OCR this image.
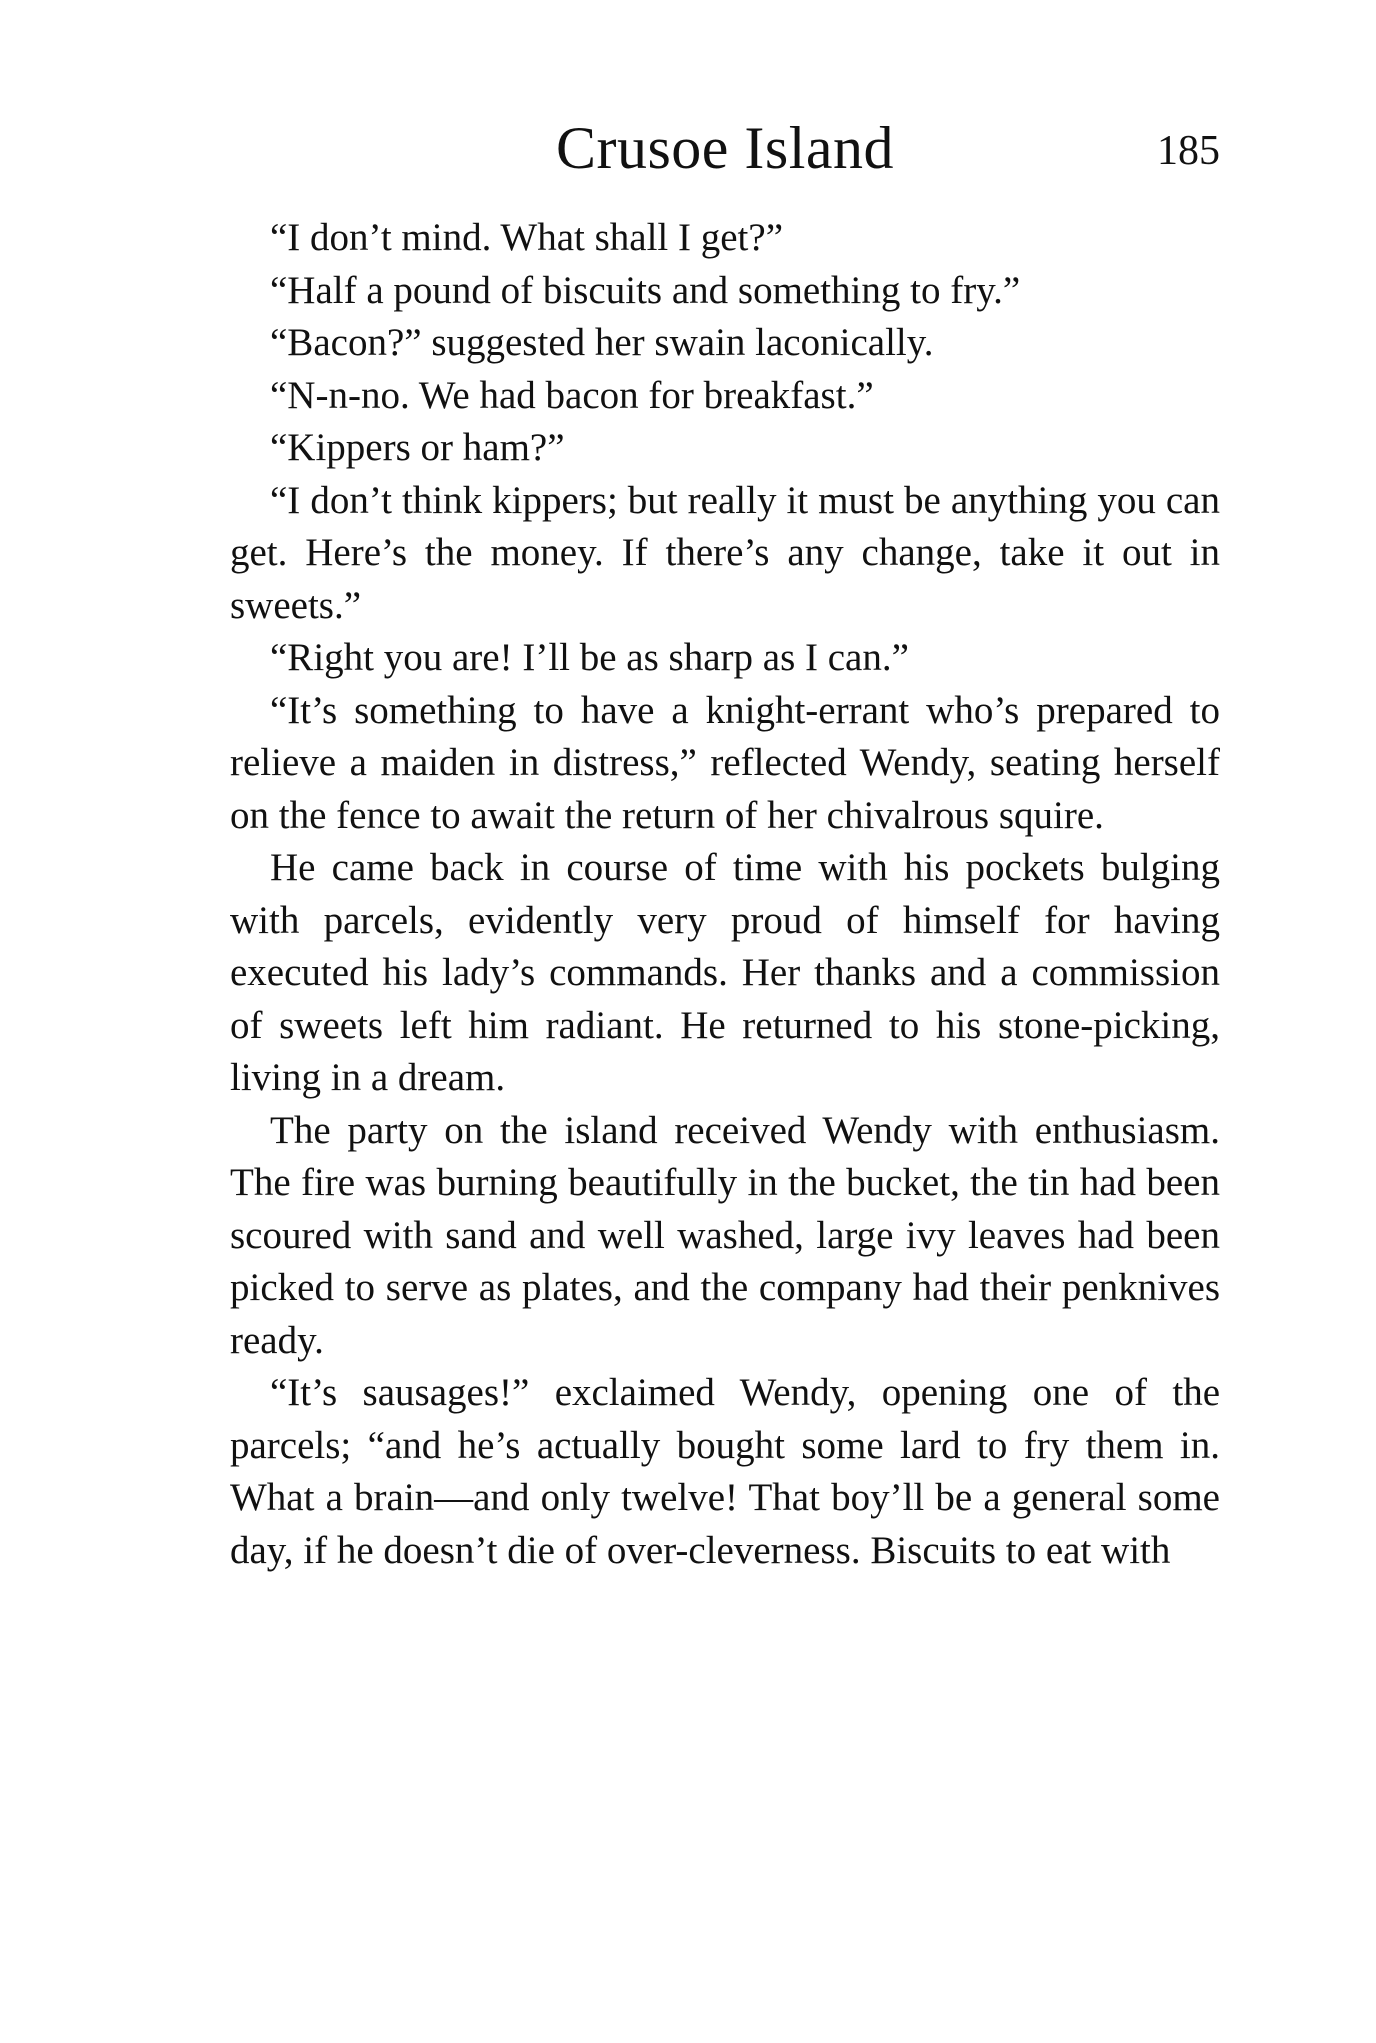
Crusoe Island	185

“I don’t mind. What shall I get?”

“Half a pound of biscuits and something to fry.”

“Bacon?” suggested her swain laconically.

“N-n-no. We had bacon for breakfast.”

“Kippers or ham?”

“I don’t think kippers; but really it must be anything you can get. Here’s the money. If there’s any change, take it out in sweets.”

“Right you are! I’ll be as sharp as I can.”

“It’s something to have a knight-errant who’s prepared to relieve a maiden in distress,” reflected Wendy, seating herself on the fence to await the return of her chivalrous squire.

He came back in course of time with his pockets bulging with parcels, evidently very proud of himself for having executed his lady’s commands. Her thanks and a commission of sweets left him radiant. He returned to his stone-picking, living in a dream.

The party on the island received Wendy with enthusiasm. The fire was burning beautifully in the bucket, the tin had been scoured with sand and well washed, large ivy leaves had been picked to serve as plates, and the company had their penknives ready.

“It’s sausages!” exclaimed Wendy, opening one of the parcels; “and he’s actually bought some lard to fry them in. What a brain—and only twelve! That boy’ll be a general some day, if he doesn’t die of over-cleverness. Biscuits to eat with
